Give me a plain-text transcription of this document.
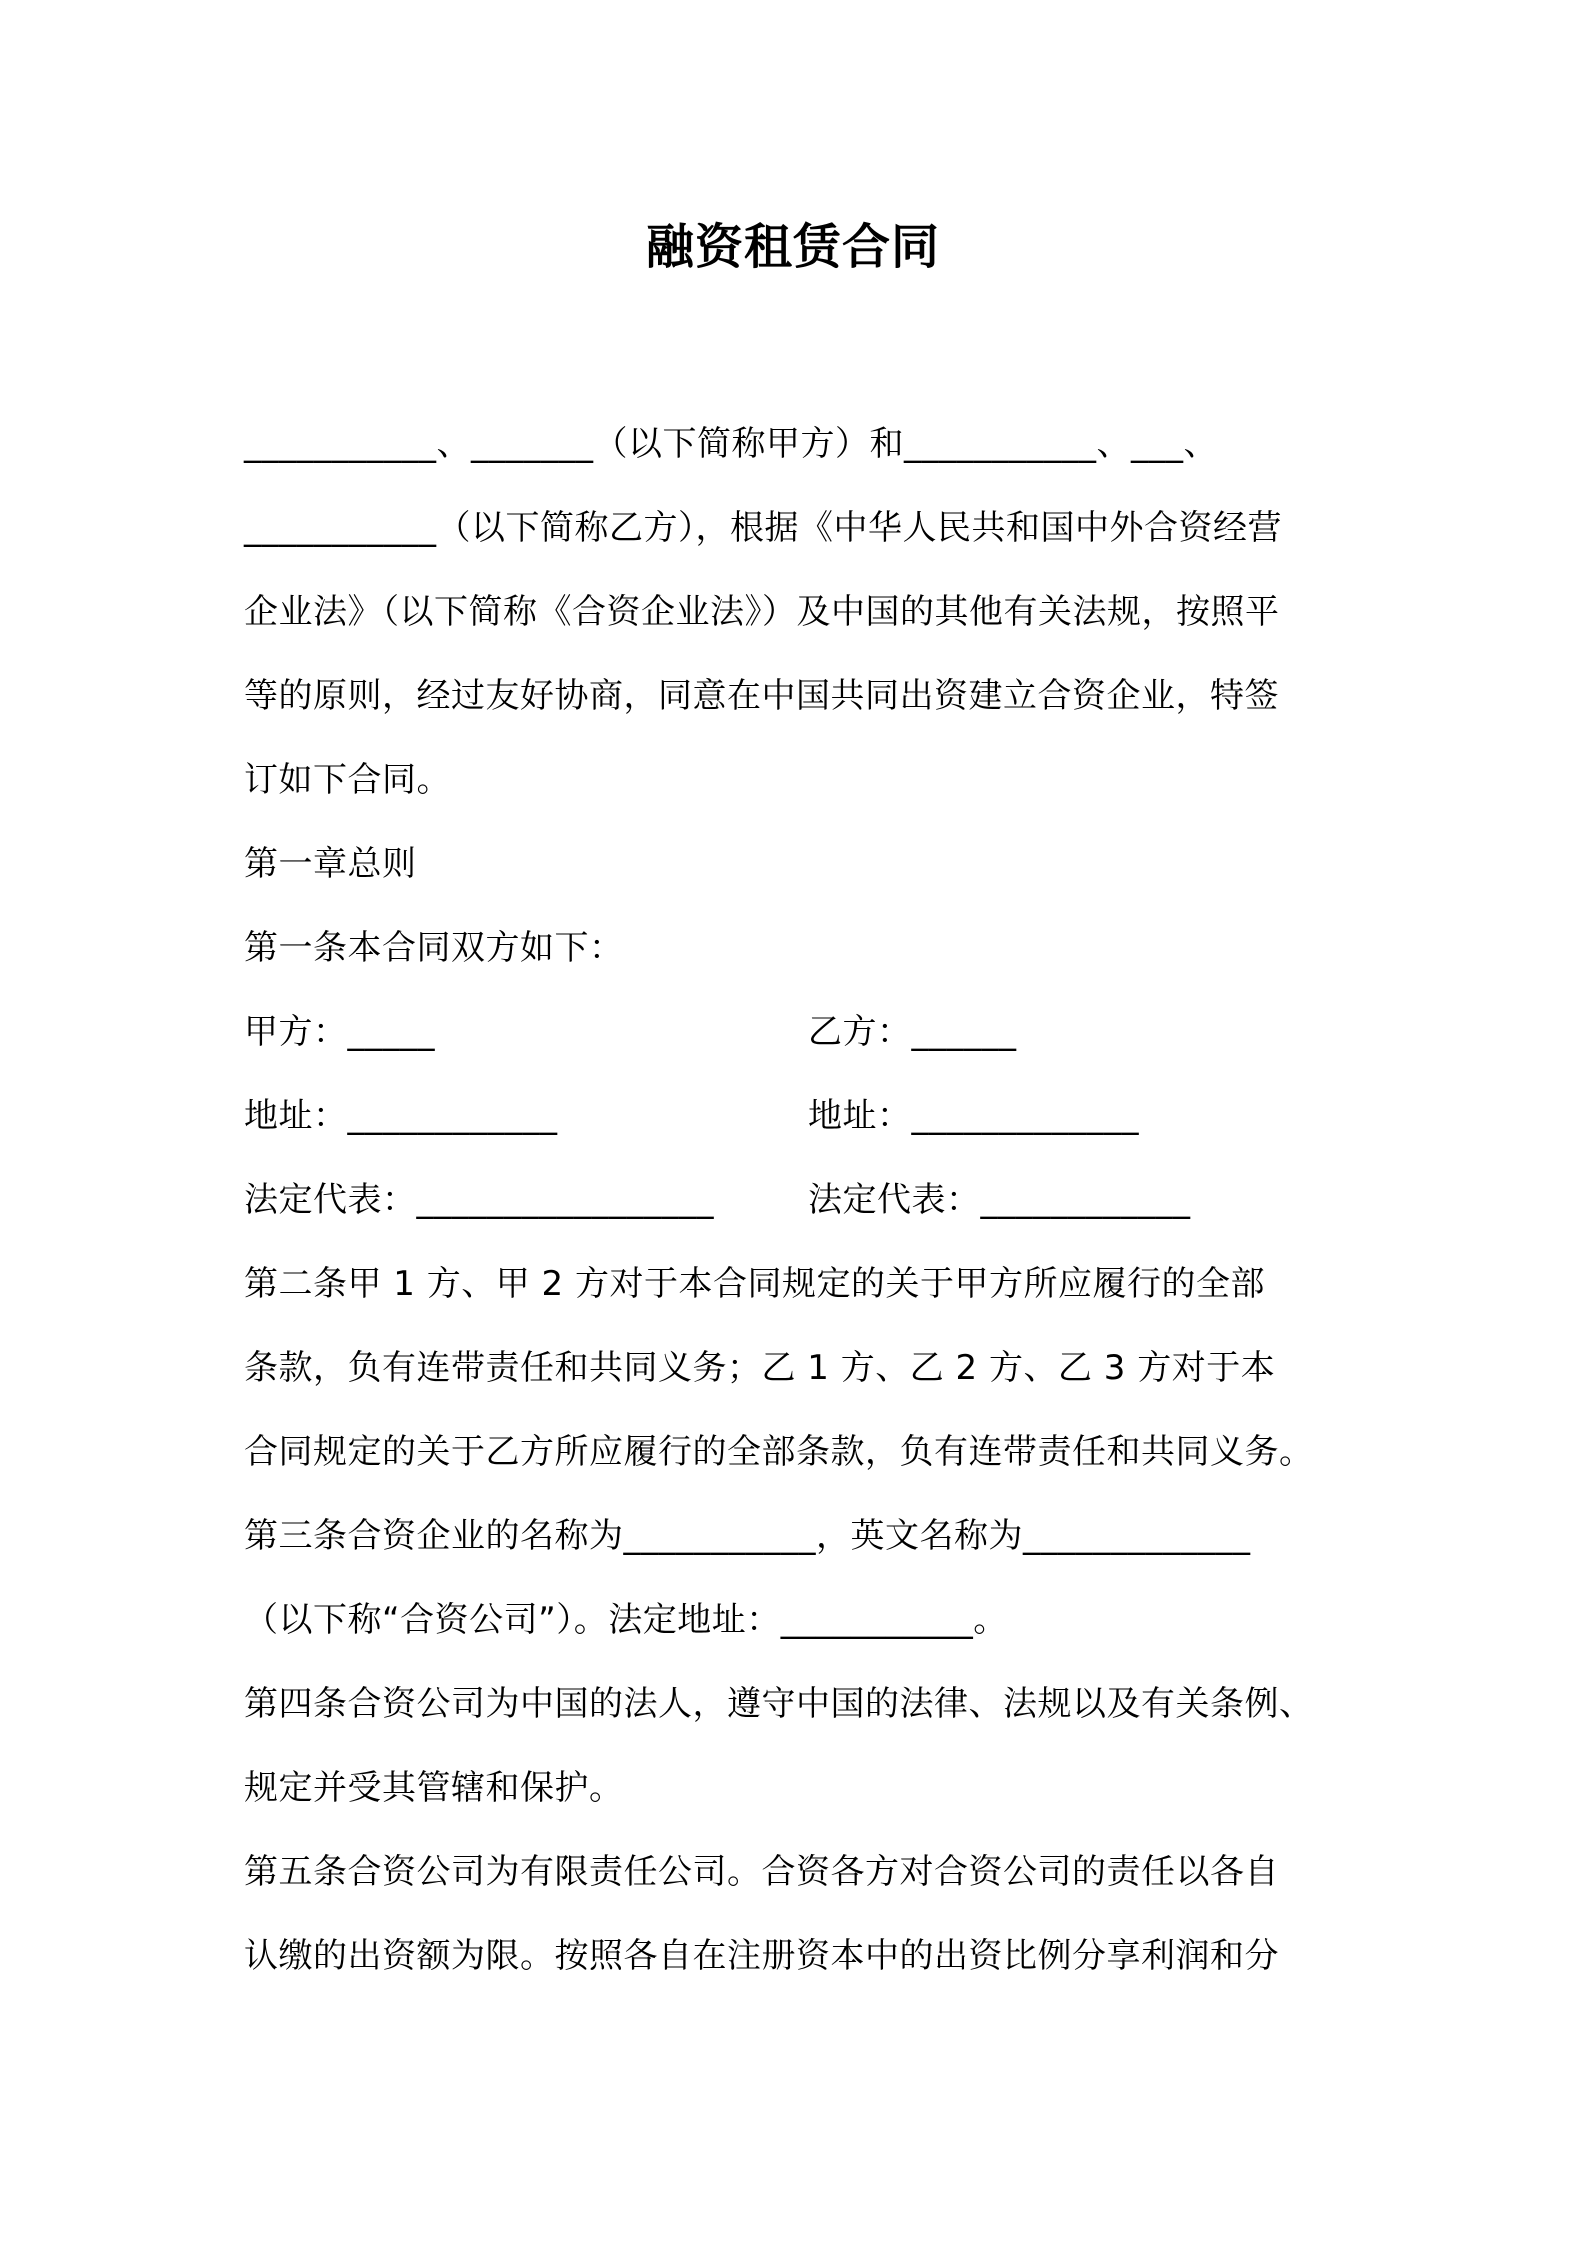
融资租赁合同
___________、_______（以下简称甲方）和___________、___、
___________（以下简称乙方），根据《中华人民共和国中外合资经营
企业法》（以下简称《合资企业法》）及中国的其他有关法规，按照平
等的原则，经过友好协商，同意在中国共同出资建立合资企业，特签
订如下合同。
第一章总则
第一条本合同双方如下：
甲方：_____	乙方：______
地址：____________	地址：_____________
法定代表：_________________	法定代表：____________
第二条甲 1 方、甲 2 方对于本合同规定的关于甲方所应履行的全部
条款，负有连带责任和共同义务；乙 1 方、乙 2 方、乙 3 方对于本
合同规定的关于乙方所应履行的全部条款，负有连带责任和共同义务。
第三条合资企业的名称为___________，英文名称为_____________
（以下称“合资公司”）。法定地址：___________。
第四条合资公司为中国的法人，遵守中国的法律、法规以及有关条例、
规定并受其管辖和保护。
第五条合资公司为有限责任公司。合资各方对合资公司的责任以各自
认缴的出资额为限。按照各自在注册资本中的出资比例分享利润和分
